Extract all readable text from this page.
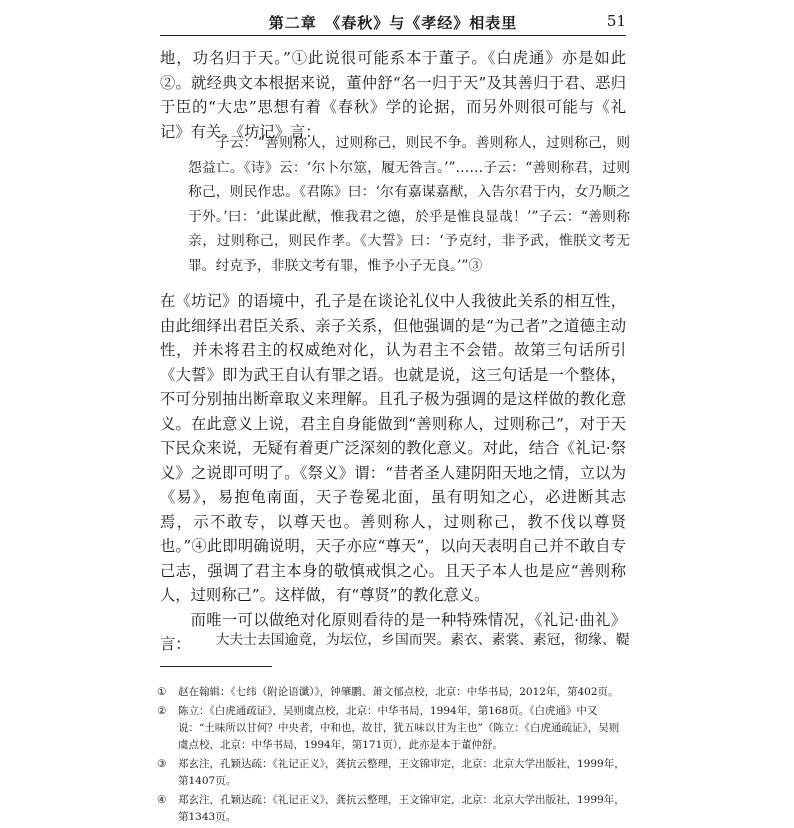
第二章　《春秋》与《孝经》相表里	51

地，功名归于天。”①此说很可能系本于董子。《白虎通》亦是如此②。就经典文本根据来说，董仲舒“名一归于天”及其善归于君、恶归于臣的“大忠”思想有着《春秋》学的论据，而另外则很可能与《礼记》有关。《坊记》言：

子云：“善则称人，过则称己，则民不争。善则称人，过则称己，则怨益亡。《诗》云：‘尔卜尔筮，履无咎言。’”……子云：“善则称君，过则称己，则民作忠。《君陈》曰：‘尔有嘉谋嘉猷，入告尔君于内，女乃顺之于外。’曰：‘此谋此猷，惟我君之德，於乎是惟良显哉！’”子云：“善则称亲，过则称己，则民作孝。《大誓》曰：‘予克纣，非予武，惟朕文考无罪。纣克予，非朕文考有罪，惟予小子无良。’”③

在《坊记》的语境中，孔子是在谈论礼仪中人我彼此关系的相互性，由此细绎出君臣关系、亲子关系，但他强调的是“为己者”之道德主动性，并未将君主的权威绝对化，认为君主不会错。故第三句话所引《大誓》即为武王自认有罪之语。也就是说，这三句话是一个整体，不可分别抽出断章取义来理解。且孔子极为强调的是这样做的教化意义。在此意义上说，君主自身能做到“善则称人，过则称己”，对于天下民众来说，无疑有着更广泛深刻的教化意义。对此，结合《礼记·祭义》之说即可明了。《祭义》谓：“昔者圣人建阴阳天地之情，立以为《易》，易抱龟南面，天子卷冕北面，虽有明知之心，必进断其志焉，示不敢专，以尊天也。善则称人，过则称己，教不伐以尊贤也。”④此即明确说明，天子亦应“尊天”，以向天表明自己并不敢自专己志，强调了君主本身的敬慎戒惧之心。且天子本人也是应“善则称人，过则称己”。这样做，有“尊贤”的教化意义。

而唯一可以做绝对化原则看待的是一种特殊情况，《礼记·曲礼》言：	大夫士去国逾竟，为坛位，乡国而哭。素衣、素裳、素冠，彻缘、鞮

①	赵在翰辑：《七纬（附论语谶）》，钟肇鹏、萧文郁点校，北京：中华书局，2012年，第402页。
②	陈立：《白虎通疏证》，吴则虞点校，北京：中华书局，1994年，第168页。《白虎通》中又说：“土味所以甘何？中央者，中和也，故甘，犹五味以甘为主也”（陈立：《白虎通疏证》，吴则虞点校，北京：中华书局，1994年，第171页），此亦是本于董仲舒。
③	郑玄注，孔颖达疏：《礼记正义》，龚抗云整理，王文锦审定，北京：北京大学出版社，1999年，第1407页。
④	郑玄注，孔颖达疏：《礼记正义》，龚抗云整理，王文锦审定，北京：北京大学出版社，1999年，第1343页。
